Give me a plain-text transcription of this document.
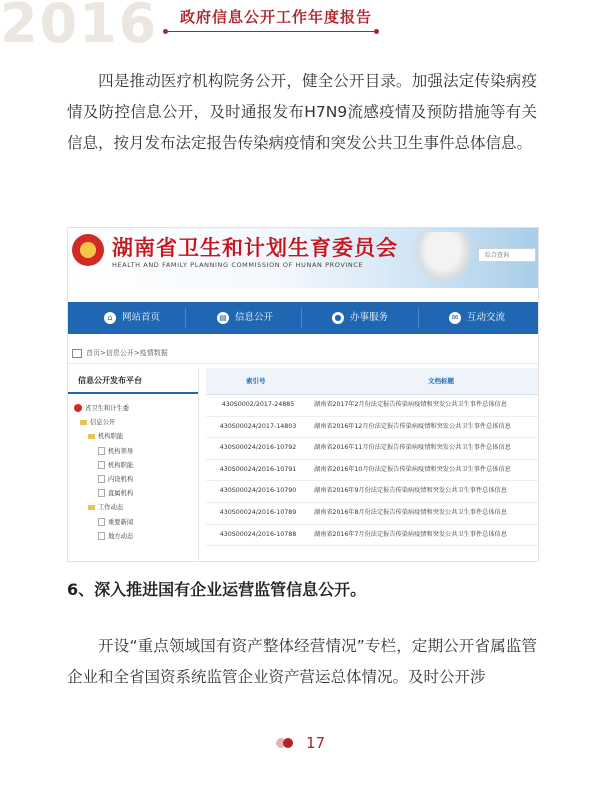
2016 政府信息公开工作年度报告
四是推动医疗机构院务公开，健全公开目录。加强法定传染病疫情及防控信息公开，及时通报发布H7N9流感疫情及预防措施等有关信息，按月发布法定报告传染病疫情和突发公共卫生事件总体信息。
湖南省卫生和计划生育委员会
HEALTH AND FAMILY PLANNING COMMISSION OF HUNAN PROVINCE
综合查询
⌂ 网站首页	▤ 信息公开	● 办事服务	✉ 互动交流
首页>信息公开>疫情数据
信息公开发布平台
省卫生和计生委
信息公开
机构职能
机构领导
机构职能
内设机构
直属机构
工作动态
重要新闻
地方动态
索引号	文档标题
430S0002/2017-24885	湖南省2017年2月份法定报告传染病疫情和突发公共卫生事件总体信息
430S00024/2017-14803	湖南省2016年12月份法定报告传染病疫情和突发公共卫生事件总体信息
430S00024/2016-10792	湖南省2016年11月份法定报告传染病疫情和突发公共卫生事件总体信息
430S00024/2016-10791	湖南省2016年10月份法定报告传染病疫情和突发公共卫生事件总体信息
430S00024/2016-10790	湖南省2016年9月份法定报告传染病疫情和突发公共卫生事件总体信息
430S00024/2016-10789	湖南省2016年8月份法定报告传染病疫情和突发公共卫生事件总体信息
430S00024/2016-10788	湖南省2016年7月份法定报告传染病疫情和突发公共卫生事件总体信息
6、深入推进国有企业运营监管信息公开。
开设“重点领域国有资产整体经营情况”专栏，定期公开省属监管企业和全省国资系统监管企业资产营运总体情况。及时公开涉
17
